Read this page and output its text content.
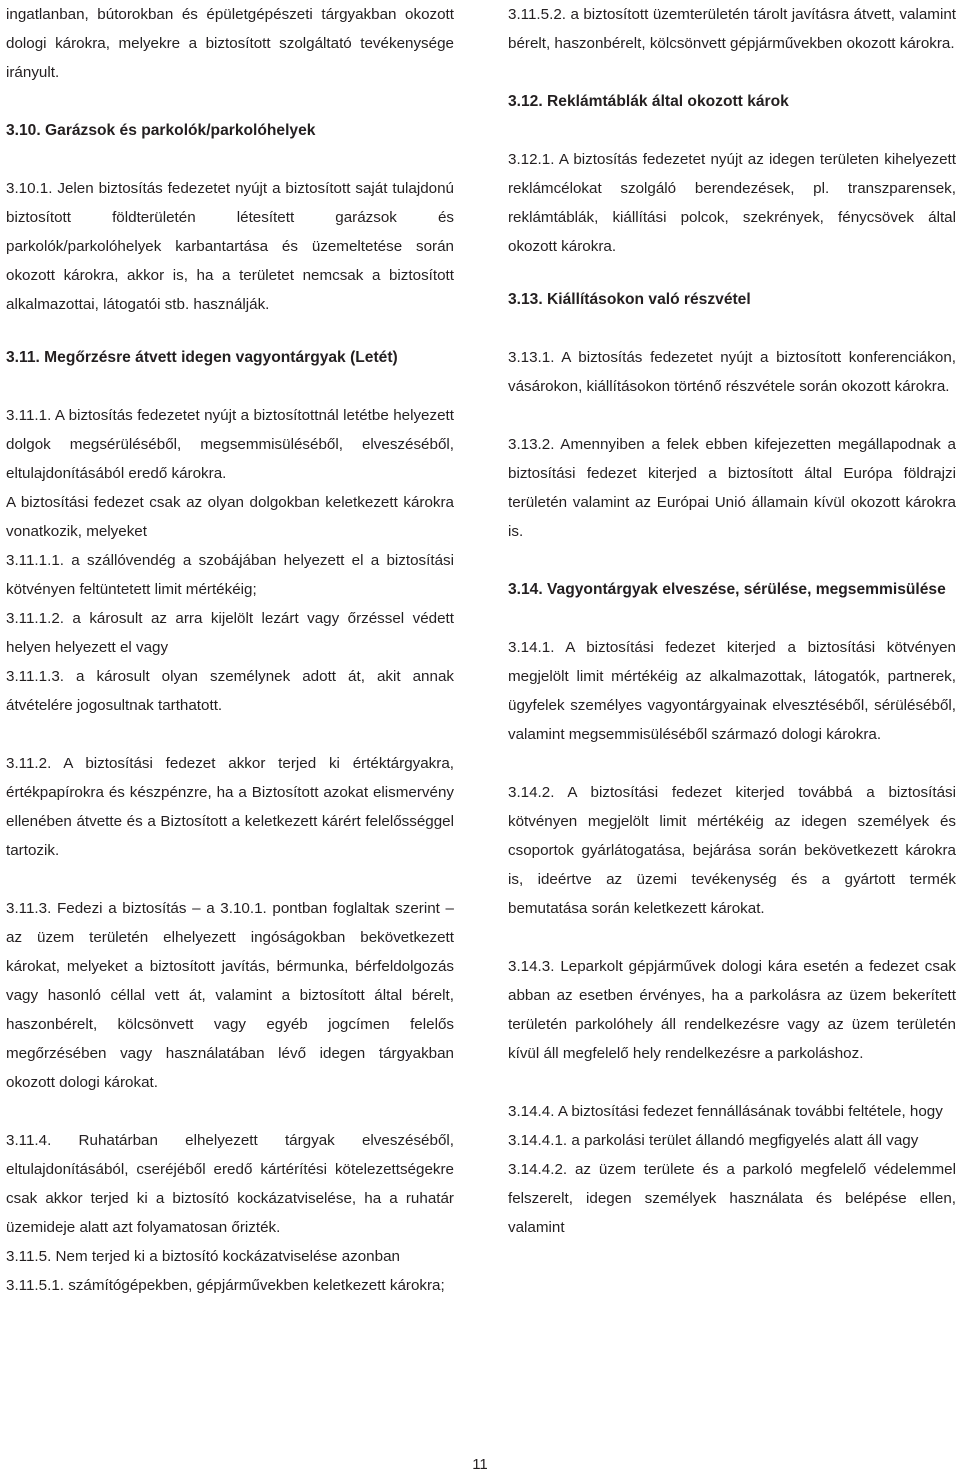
ingatlanban, bútorokban és épületgépészeti tárgyakban okozott dologi károkra, melyekre a biztosított szolgáltató tevékenysége irányult.

3.10. Garázsok és parkolók/parkolóhelyek

3.10.1. Jelen biztosítás fedezetet nyújt a biztosított saját tulajdonú biztosított földterületén létesített garázsok és parkolók/parkolóhelyek karbantartása és üzemeltetése során okozott károkra, akkor is, ha a területet nemcsak a biztosított alkalmazottai, látogatói stb. használják.

3.11. Megőrzésre átvett idegen vagyontárgyak (Letét)

3.11.1. A biztosítás fedezetet nyújt a biztosítottnál letétbe helyezett dolgok megsérüléséből, megsemmisüléséből, elveszéséből, eltulajdonításából eredő károkra.

A biztosítási fedezet csak az olyan dolgokban keletkezett károkra vonatkozik, melyeket

3.11.1.1. a szállóvendég a szobájában helyezett el a biztosítási kötvényen feltüntetett limit mértékéig;

3.11.1.2. a károsult az arra kijelölt lezárt vagy őrzéssel védett helyen helyezett el vagy

3.11.1.3. a károsult olyan személynek adott át, akit annak átvételére jogosultnak tarthatott.

3.11.2. A biztosítási fedezet akkor terjed ki értéktárgyakra, értékpapírokra és készpénzre, ha a Biztosított azokat elismervény ellenében átvette és a Biztosított a keletkezett kárért felelősséggel tartozik.

3.11.3. Fedezi a biztosítás – a 3.10.1. pontban foglaltak szerint – az üzem területén elhelyezett ingóságokban bekövetkezett károkat, melyeket a biztosított javítás, bérmunka, bérfeldolgozás vagy hasonló céllal vett át, valamint a biztosított által bérelt, haszonbérelt, kölcsönvett vagy egyéb jogcímen felelős megőrzésében vagy használatában lévő idegen tárgyakban okozott dologi károkat.

3.11.4. Ruhatárban elhelyezett tárgyak elveszéséből, eltulajdonításából, cseréjéből eredő kártérítési kötelezettségekre csak akkor terjed ki a biztosító kockázatviselése, ha a ruhatár üzemideje alatt azt folyamatosan őrizték.

3.11.5. Nem terjed ki a biztosító kockázatviselése azonban

3.11.5.1. számítógépekben, gépjárművekben keletkezett károkra;

3.11.5.2. a biztosított üzemterületén tárolt javításra átvett, valamint bérelt, haszonbérelt, kölcsönvett gépjárművekben okozott károkra.

3.12. Reklámtáblák által okozott károk

3.12.1. A biztosítás fedezetet nyújt az idegen területen kihelyezett reklámcélokat szolgáló berendezések, pl. transzparensek, reklámtáblák, kiállítási polcok, szekrények, fénycsövek által okozott károkra.

3.13. Kiállításokon való részvétel

3.13.1. A biztosítás fedezetet nyújt a biztosított konferenciákon, vásárokon, kiállításokon történő részvétele során okozott károkra.

3.13.2. Amennyiben a felek ebben kifejezetten megállapodnak a biztosítási fedezet kiterjed a biztosított által Európa földrajzi területén valamint az Európai Unió államain kívül okozott károkra is.

3.14. Vagyontárgyak elveszése, sérülése, megsemmisülése

3.14.1. A biztosítási fedezet kiterjed a biztosítási kötvényen megjelölt limit mértékéig az alkalmazottak, látogatók, partnerek, ügyfelek személyes vagyontárgyainak elvesztéséből, sérüléséből, valamint megsemmisüléséből származó dologi károkra.

3.14.2. A biztosítási fedezet kiterjed továbbá a biztosítási kötvényen megjelölt limit mértékéig az idegen személyek és csoportok gyárlátogatása, bejárása során bekövetkezett károkra is, ideértve az üzemi tevékenység és a gyártott termék bemutatása során keletkezett károkat.

3.14.3. Leparkolt gépjárművek dologi kára esetén a fedezet csak abban az esetben érvényes, ha a parkolásra az üzem bekerített területén parkolóhely áll rendelkezésre vagy az üzem területén kívül áll megfelelő hely rendelkezésre a parkoláshoz.

3.14.4. A biztosítási fedezet fennállásának további feltétele, hogy

3.14.4.1. a parkolási terület állandó megfigyelés alatt áll vagy

3.14.4.2. az üzem területe és a parkoló megfelelő védelemmel felszerelt, idegen személyek használata és belépése ellen, valamint

11
